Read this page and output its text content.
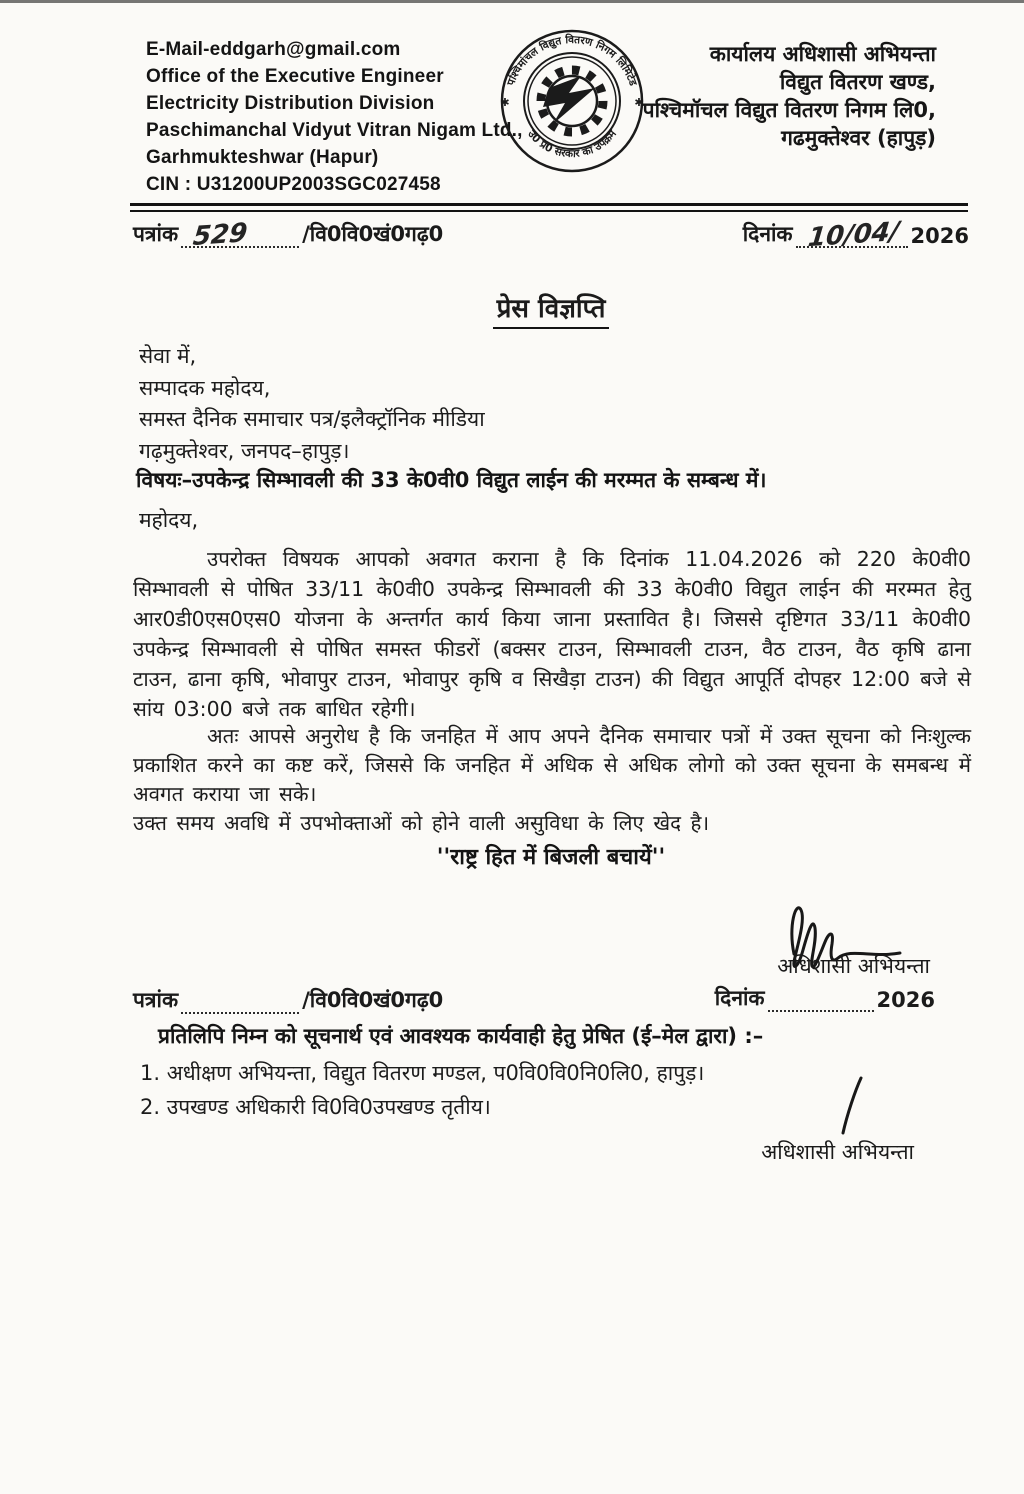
E-Mail-eddgarh@gmail.com
Office of the Executive Engineer
Electricity Distribution Division
Paschimanchal Vidyut Vitran Nigam Ltd.,
Garhmukteshwar (Hapur)
CIN : U31200UP2003SGC027458
पश्चिमांचल विद्युत वितरण निगम लिमिटेड
उ0 प्र0 सरकार का उपक्रम
✱	✱
कार्यालय अधिशासी अभियन्ता
विद्युत वितरण खण्ड,
पश्चिमॉचल विद्युत वितरण निगम लि0,
गढमुक्तेश्वर (हापुड़)
पत्रांक 529	/वि0वि0खं0गढ़0	दिनांक 10/04/ 2026
प्रेस विज्ञप्ति
सेवा में,
सम्पादक महोदय,
समस्त दैनिक समाचार पत्र/इलैक्ट्रॉनिक मीडिया
गढ़मुक्तेश्वर, जनपद–हापुड़।
विषयः–उपकेन्द्र सिम्भावली की 33 के0वी0 विद्युत लाईन की मरम्मत के सम्बन्ध में।
महोदय,
उपरोक्त विषयक आपको अवगत कराना है कि दिनांक 11.04.2026 को 220 के0वी0 सिम्भावली से पोषित 33/11 के0वी0 उपकेन्द्र सिम्भावली की 33 के0वी0 विद्युत लाईन की मरम्मत हेतु आर0डी0एस0एस0 योजना के अन्तर्गत कार्य किया जाना प्रस्तावित है। जिससे दृष्टिगत 33/11 के0वी0 उपकेन्द्र सिम्भावली से पोषित समस्त फीडरों (बक्सर टाउन, सिम्भावली टाउन, वैठ टाउन, वैठ कृषि ढाना टाउन, ढाना कृषि, भोवापुर टाउन, भोवापुर कृषि व सिखैड़ा टाउन) की विद्युत आपूर्ति दोपहर 12:00 बजे से सांय 03:00 बजे तक बाधित रहेगी।

अतः आपसे अनुरोध है कि जनहित में आप अपने दैनिक समाचार पत्रों में उक्त सूचना को निःशुल्क प्रकाशित करने का कष्ट करें, जिससे कि जनहित में अधिक से अधिक लोगो को उक्त सूचना के समबन्ध में अवगत कराया जा सके।

उक्त समय अवधि में उपभोक्ताओं को होने वाली असुविधा के लिए खेद है।

''राष्ट्र हित में बिजली बचायें''
अधिशासी अभियन्ता
पत्रांक	/वि0वि0खं0गढ़0	दिनांक	2026
प्रतिलिपि निम्न को सूचनार्थ एवं आवश्यक कार्यवाही हेतु प्रेषित (ई–मेल द्वारा) :–
1. अधीक्षण अभियन्ता, विद्युत वितरण मण्डल, प0वि0वि0नि0लि0, हापुड़।
2. उपखण्ड अधिकारी वि0वि0उपखण्ड तृतीय।
अधिशासी अभियन्ता
